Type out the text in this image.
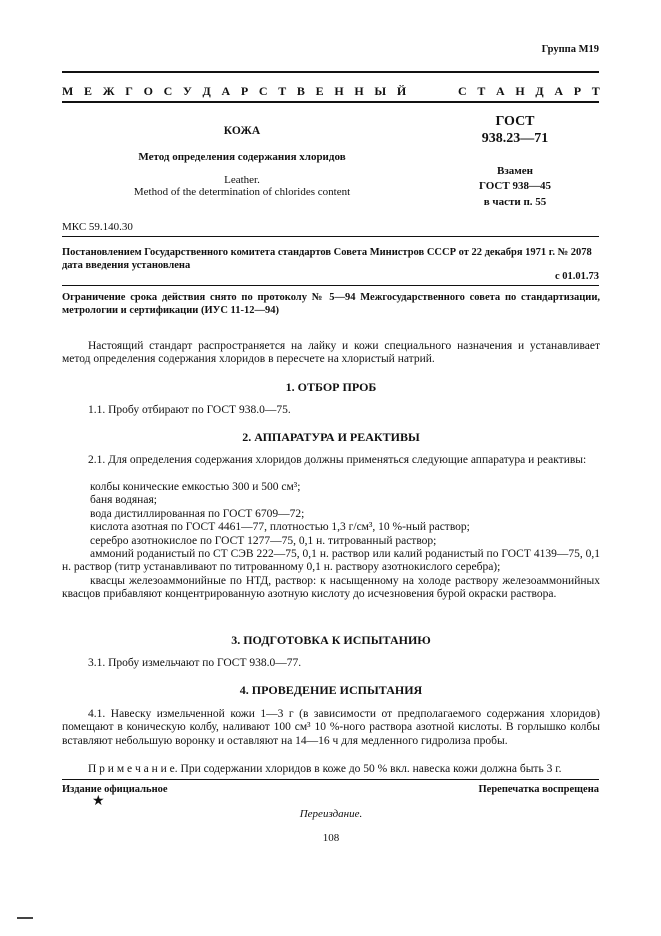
Группа М19
М Е Ж Г О С У Д А Р С Т В Е Н Н Ы Й

	С Т А Н Д А Р Т
КОЖА
Метод определения содержания хлоридов
Leather.
Method of the determination of chlorides content
ГОСТ
938.23—71
Взамен
ГОСТ 938—45
в части п. 55
МКС 59.140.30
Постановлением Государственного комитета стандартов Совета Министров СССР от 22 декабря 1971 г. № 2078 дата введения установлена
с 01.01.73
Ограничение срока действия снято по протоколу № 5—94 Межгосударственного совета по стандартизации, метрологии и сертификации (ИУС 11-12—94)
Настоящий стандарт распространяется на лайку и кожи специального назначения и устанавливает метод определения содержания хлоридов в пересчете на хлористый натрий.
1. ОТБОР ПРОБ
1.1. Пробу отбирают по ГОСТ 938.0—75.
2. АППАРАТУРА И РЕАКТИВЫ
2.1. Для определения содержания хлоридов должны применяться следующие аппаратура и реактивы:
колбы конические емкостью 300 и 500 см³;
баня водяная;
вода дистиллированная по ГОСТ 6709—72;
кислота азотная по ГОСТ 4461—77, плотностью 1,3 г/см³, 10 %-ный раствор;
серебро азотнокислое по ГОСТ 1277—75, 0,1 н. титрованный раствор;
аммоний роданистый по СТ СЭВ 222—75, 0,1 н. раствор или калий роданистый по ГОСТ 4139—75, 0,1 н. раствор (титр устанавливают по титрованному 0,1 н. раствору азотнокислого серебра);
квасцы железоаммонийные по НТД, раствор: к насыщенному на холоде раствору железоаммонийных квасцов прибавляют концентрированную азотную кислоту до исчезновения бурой окраски раствора.
3. ПОДГОТОВКА К ИСПЫТАНИЮ
3.1. Пробу измельчают по ГОСТ 938.0—77.
4. ПРОВЕДЕНИЕ ИСПЫТАНИЯ
4.1. Навеску измельченной кожи 1—3 г (в зависимости от предполагаемого содержания хлоридов) помещают в коническую колбу, наливают 100 см³ 10 %-ного раствора азотной кислоты. В горлышко колбы вставляют небольшую воронку и оставляют на 14—16 ч для медленного гидролиза пробы.
П р и м е ч а н и е. При содержании хлоридов в коже до 50 % вкл. навеска кожи должна быть 3 г.
Издание официальное
★
Перепечатка воспрещена
Переиздание.
108
